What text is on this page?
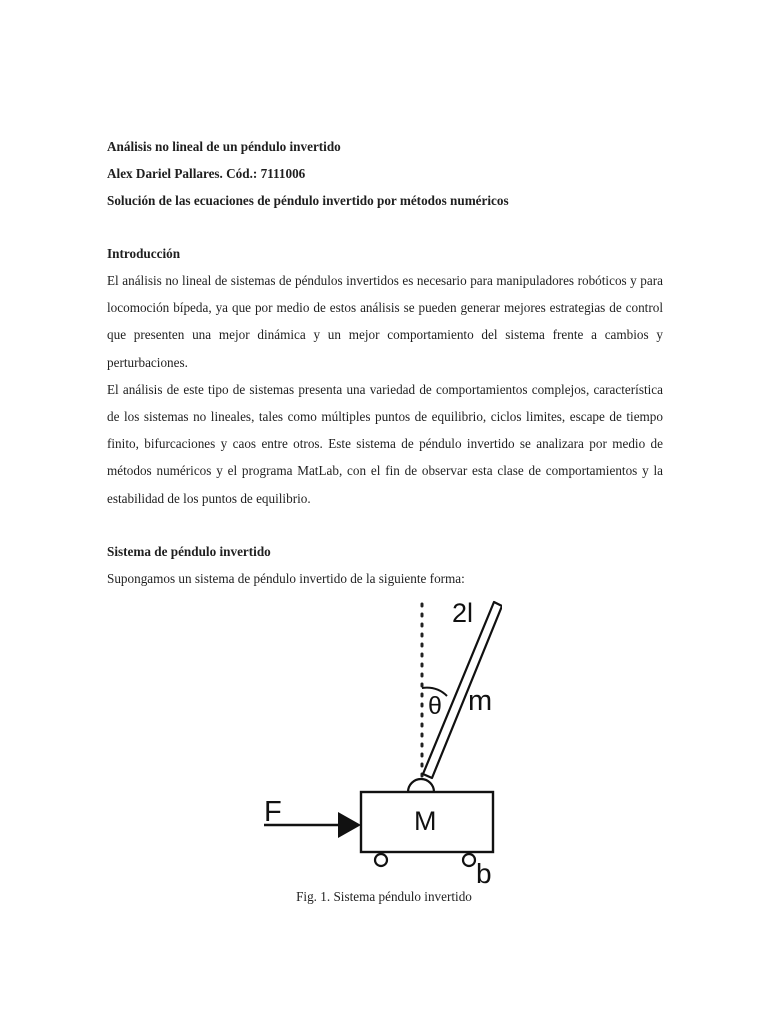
Análisis no lineal de un péndulo invertido

Alex Dariel Pallares. Cód.: 7111006

Solución de las ecuaciones de péndulo invertido por métodos numéricos

Introducción

El análisis no lineal de sistemas de péndulos invertidos es necesario para manipuladores robóticos y para locomoción bípeda, ya que por medio de estos análisis se pueden generar mejores estrategias de control que presenten una mejor dinámica y un mejor comportamiento del sistema frente a cambios y perturbaciones.

El análisis de este tipo de sistemas presenta una variedad de comportamientos complejos, característica de los sistemas no lineales, tales como múltiples puntos de equilibrio, ciclos limites, escape de tiempo finito, bifurcaciones y caos entre otros. Este sistema de péndulo invertido se analizara por medio de métodos numéricos y el programa MatLab, con el fin de observar esta clase de comportamientos y la estabilidad de los puntos de equilibrio.

Sistema de péndulo invertido

Supongamos un sistema de péndulo invertido de la siguiente forma:

2l
θ m
F	M
b

Fig. 1. Sistema péndulo invertido
